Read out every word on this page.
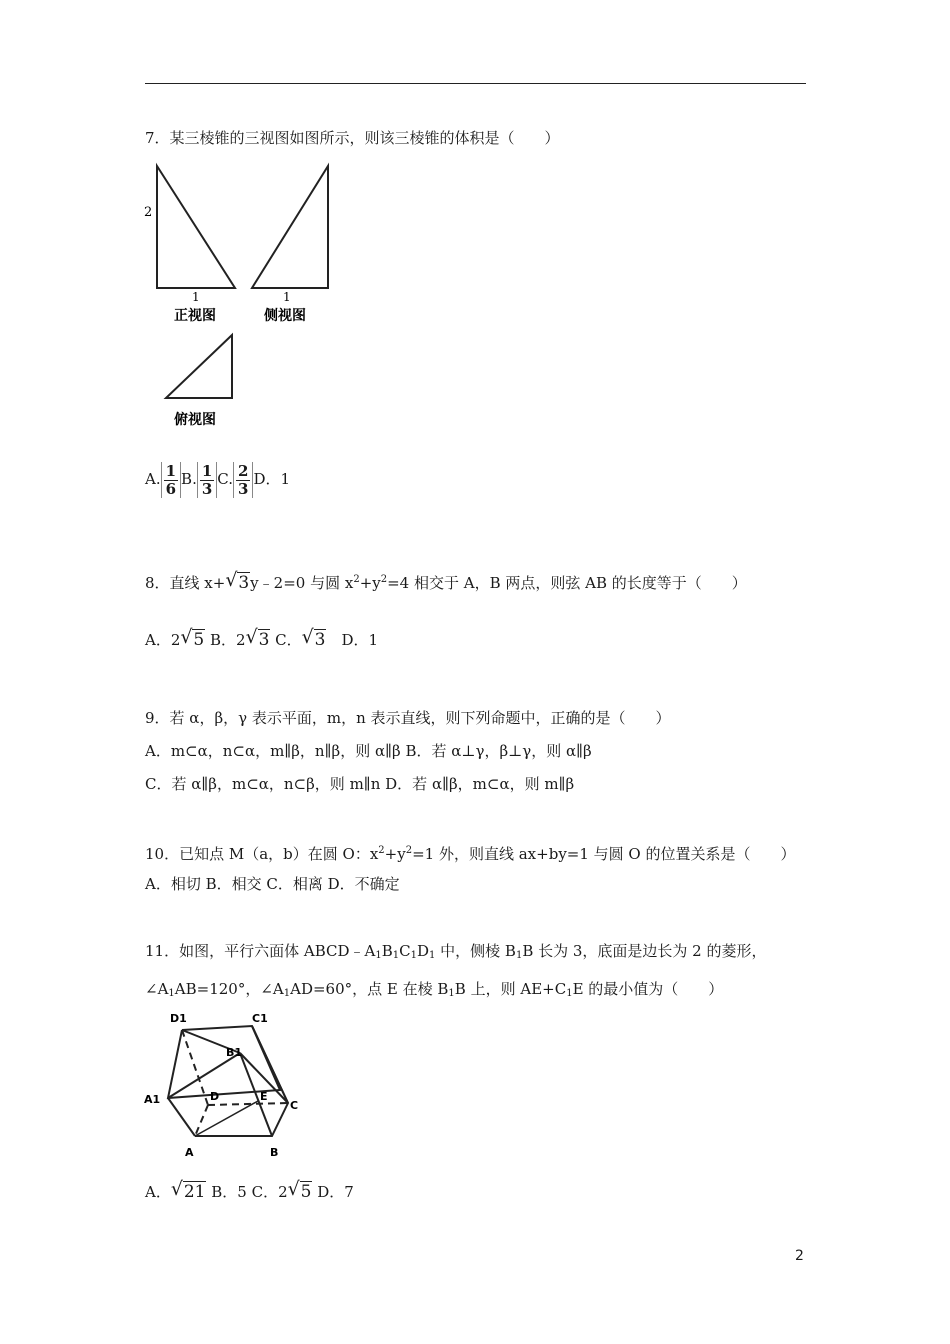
7．某三棱锥的三视图如图所示，则该三棱锥的体积是（　　）
2
1
正视图
1
侧视图
俯视图
A. $\frac{1}{6} B$. $\frac{1}{3} C$. $\frac{2}{3}$ D．1
8．直线 x+ √ 3y﹣2=0 与圆 $x^2+y^2=4$ 相交于 A，B 两点，则弦 AB 的长度等于（　　）
A．2 √ 5 B．2 √ 3 C． √ 3　D．1
9．若 α，β，γ 表示平面，m，n 表示直线，则下列命题中，正确的是（　　）
A．m⊂α，n⊂α，m∥β，n∥β，则 α∥β B．若 α⊥γ，β⊥γ，则 α∥β
C．若 α∥β，m⊂α，n⊂β，则 m∥n D．若 α∥β，m⊂α，则 m∥β
10．已知点 M（a，b）在圆 O：$x^2+y^2=1$ 外，则直线 ax+by=1 与圆 O 的位置关系是（　　）
A．相切 B．相交 C．相离 D．不确定
11．如图，平行六面体 $ABCD﹣A_1B_1C_1D_1$ 中，侧棱 $B_1B$ 长为 3，底面是边长为 2 的菱形，
$\angle A_1AB=120^\circ$，$\angle A_1AD=60^\circ$，点 E 在棱 $B_1B$ 上，则 $AE+C_1E$ 的最小值为（　　）
D1	C1
B1
A1	D	E
C
A	B
A． √ 21 B．5 C．2 √ 5 D．7
2
